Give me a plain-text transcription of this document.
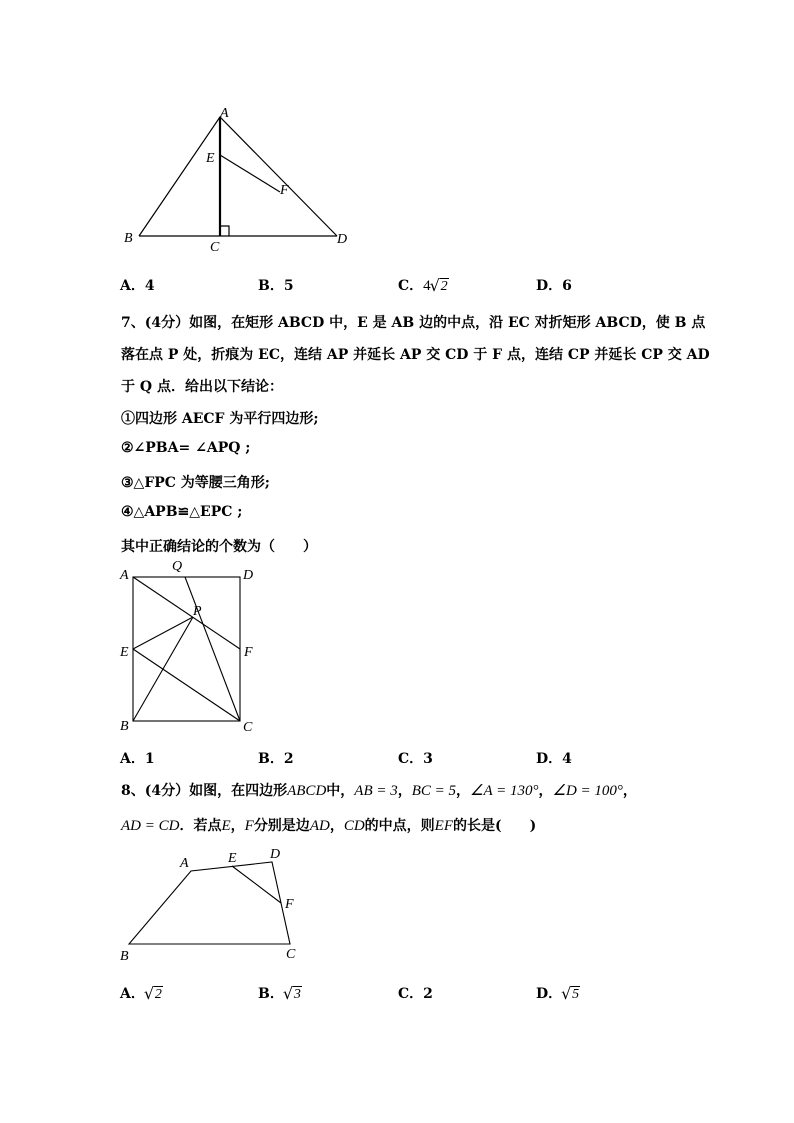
A
E
F
B
C
D
A．4	B．5	C．4 √ 2	D．6
7、(4分）如图，在矩形 ABCD 中，E 是 AB 边的中点，沿 EC 对折矩形 ABCD，使 B 点
落在点 P 处，折痕为 EC，连结 AP 并延长 AP 交 CD 于 F 点，连结 CP 并延长 CP 交 AD
于 Q 点．给出以下结论：
①四边形 AECF 为平行四边形;
②∠PBA= ∠APQ ;
③△FPC 为等腰三角形;
④△APB≌△EPC ;
其中正确结论的个数为（　　）
A
Q
D
P
E	F
B	C
A．1	B．2	C．3	D．4
8、(4分）如图，在四边形ABCD中，AB = 3，BC = 5，∠A = 130°，∠D = 100°，
AD = CD．若点E，F分别是边AD，CD的中点，则EF的长是(　　)
A	E D
F
B	C
A． √ 2	B． √ 3	C．2	D． √ 5
